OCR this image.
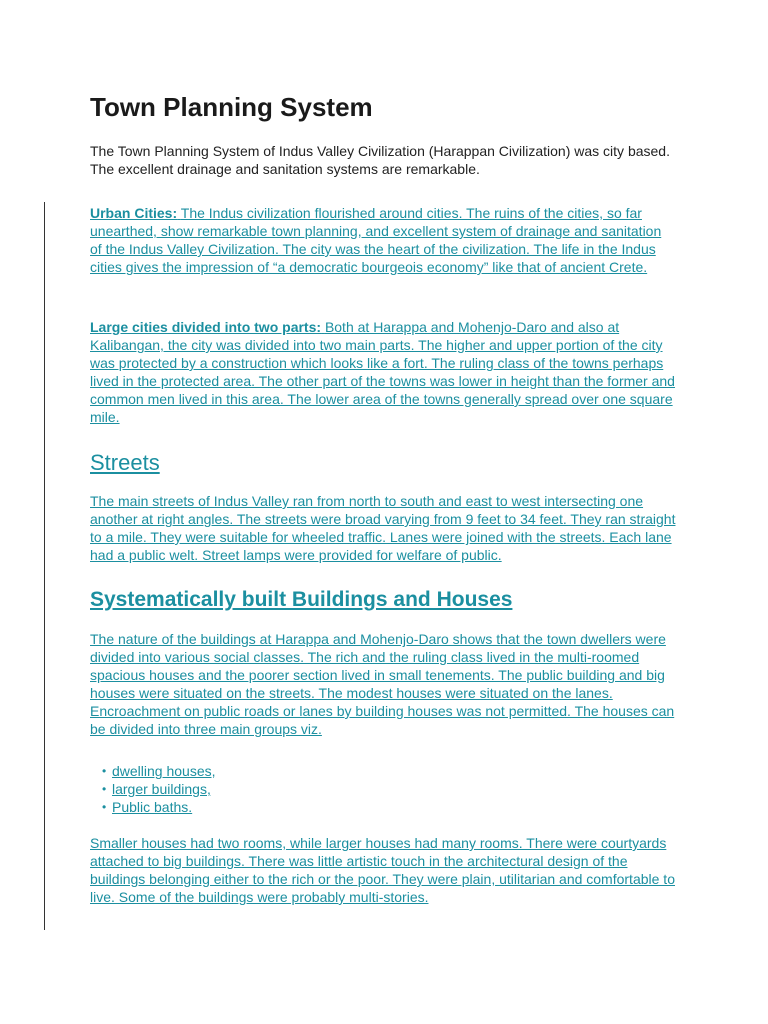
Town Planning System

The Town Planning System of Indus Valley Civilization (Harappan Civilization) was city based. The excellent drainage and sanitation systems are remarkable.

Urban Cities: The Indus civilization flourished around cities. The ruins of the cities, so far unearthed, show remarkable town planning, and excellent system of drainage and sanitation of the Indus Valley Civilization. The city was the heart of the civilization. The life in the Indus cities gives the impression of “a democratic bourgeois economy” like that of ancient Crete.

Large cities divided into two parts: Both at Harappa and Mohenjo-Daro and also at Kalibangan, the city was divided into two main parts. The higher and upper portion of the city was protected by a construction which looks like a fort. The ruling class of the towns perhaps lived in the protected area. The other part of the towns was lower in height than the former and common men lived in this area. The lower area of the towns generally spread over one square mile.

Streets

The main streets of Indus Valley ran from north to south and east to west intersecting one another at right angles. The streets were broad varying from 9 feet to 34 feet. They ran straight to a mile. They were suitable for wheeled traffic. Lanes were joined with the streets. Each lane had a public welt. Street lamps were provided for welfare of public.

Systematically built Buildings and Houses

The nature of the buildings at Harappa and Mohenjo-Daro shows that the town dwellers were divided into various social classes. The rich and the ruling class lived in the multi-roomed spacious houses and the poorer section lived in small tenements. The public building and big houses were situated on the streets. The modest houses were situated on the lanes. Encroachment on public roads or lanes by building houses was not permitted. The houses can be divided into three main groups viz.

• dwelling houses,
• larger buildings,
• Public baths.

Smaller houses had two rooms, while larger houses had many rooms. There were courtyards attached to big buildings. There was little artistic touch in the architectural design of the buildings belonging either to the rich or the poor. They were plain, utilitarian and comfortable to live. Some of the buildings were probably multi-stories.
